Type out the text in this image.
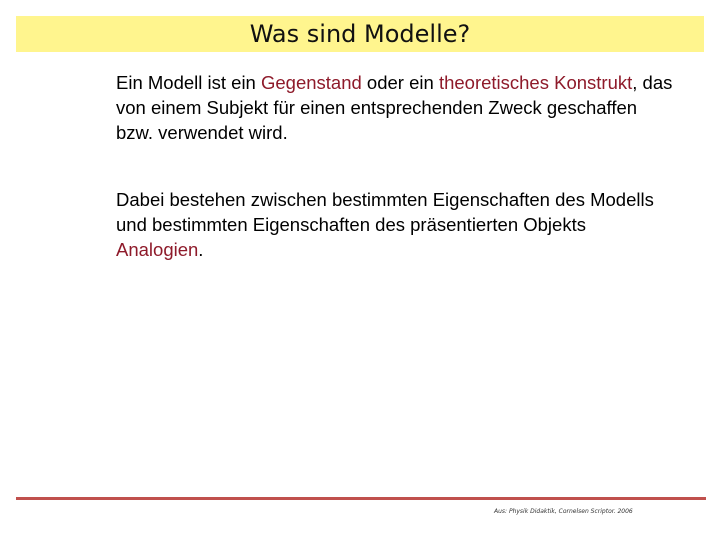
Was sind Modelle?
Ein Modell ist ein Gegenstand oder ein theoretisches Konstrukt, das von einem Subjekt für einen entsprechenden Zweck geschaffen bzw. verwendet wird.
Dabei bestehen zwischen bestimmten Eigenschaften des Modells und bestimmten Eigenschaften des präsentierten Objekts Analogien.
Aus: Physik Didaktik, Cornelsen Scriptor. 2006
